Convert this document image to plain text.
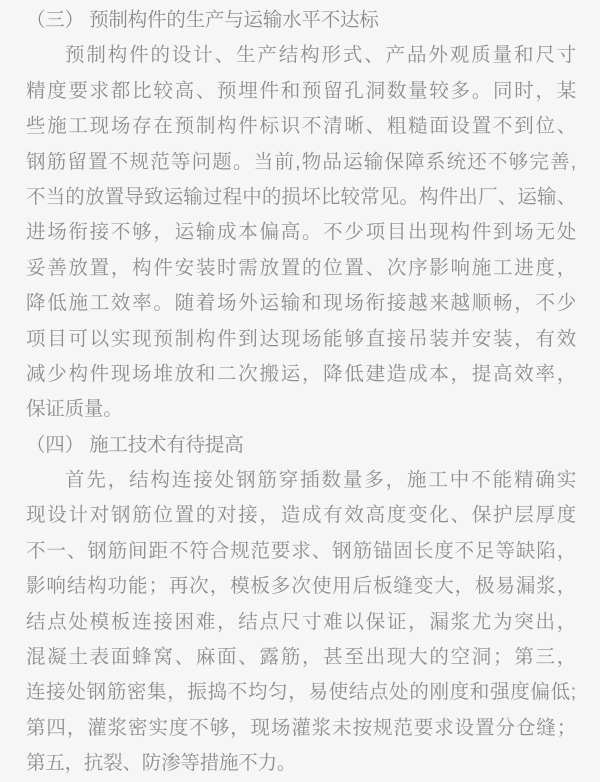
（三） 预制构件的生产与运输水平不达标
预制构件的设计、生产结构形式、产品外观质量和尺寸
精度要求都比较高、预埋件和预留孔洞数量较多。同时，某
些施工现场存在预制构件标识不清晰、粗糙面设置不到位、
钢筋留置不规范等问题。当前,物品运输保障系统还不够完善,
不当的放置导致运输过程中的损坏比较常见。构件出厂、运输、
进场衔接不够，运输成本偏高。不少项目出现构件到场无处
妥善放置，构件安装时需放置的位置、次序影响施工进度，
降低施工效率。随着场外运输和现场衔接越来越顺畅，不少
项目可以实现预制构件到达现场能够直接吊装并安装，有效
减少构件现场堆放和二次搬运，降低建造成本，提高效率，
保证质量。
（四） 施工技术有待提高
首先，结构连接处钢筋穿插数量多，施工中不能精确实
现设计对钢筋位置的对接，造成有效高度变化、保护层厚度
不一、钢筋间距不符合规范要求、钢筋锚固长度不足等缺陷，
影响结构功能；再次，模板多次使用后板缝变大，极易漏浆，
结点处模板连接困难，结点尺寸难以保证，漏浆尤为突出，
混凝土表面蜂窝、麻面、露筋，甚至出现大的空洞；第三，
连接处钢筋密集，振捣不均匀，易使结点处的刚度和强度偏低;
第四，灌浆密实度不够，现场灌浆未按规范要求设置分仓缝；
第五，抗裂、防渗等措施不力。
